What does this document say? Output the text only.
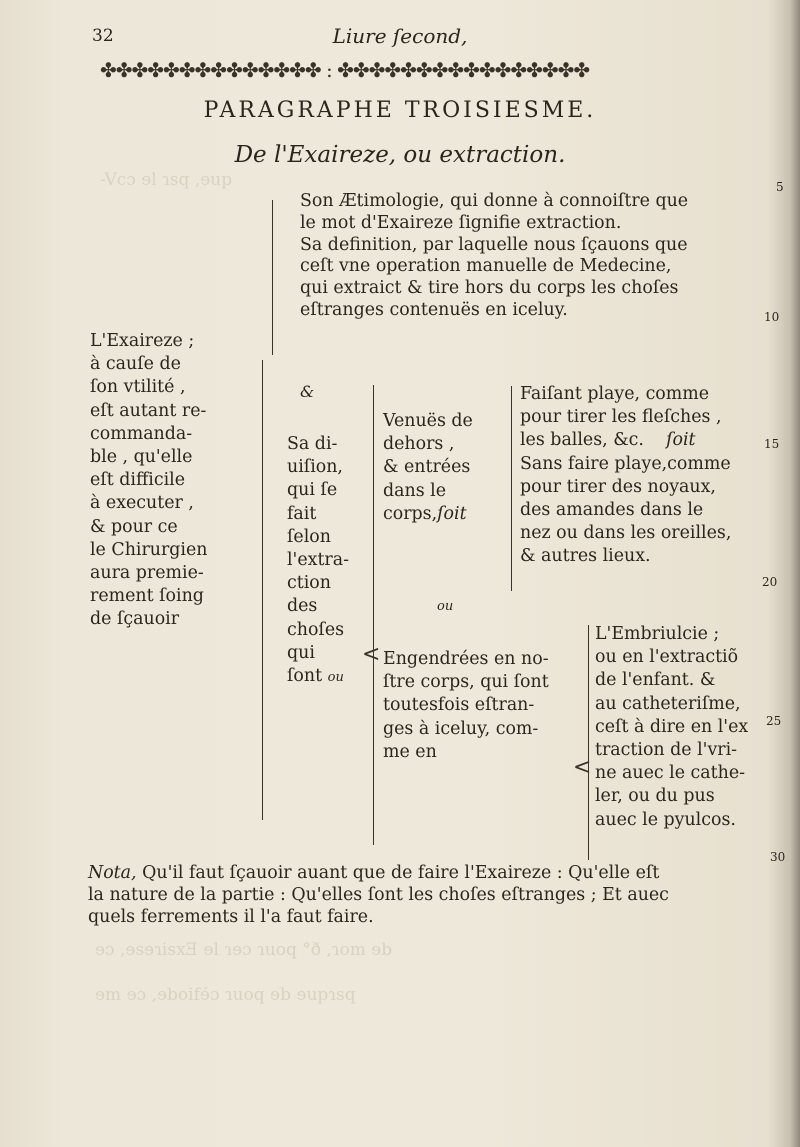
-Vcɔ ɘl ɿsq ,ɘup
ɘɔ ,ɘsɘɿisxƎ ɘl ɿɘɔ ɿuoq °ð ,ɿom ɘb
ɘm ɘɔ ,ɘboifɘ́ɔ ɿuoq ɘb ɘupɿsq
32	Liure ſecond,
✤✤✤✤✤✤✤✤✤✤✤✤✤✤ : ✤✤✤✤✤✤✤✤✤✤✤✤✤✤✤✤
PARAGRAPHE TROISIESME.
De l'Exaireze, ou extraction.
Son Ætimologie, qui donne à connoiſtre que
le mot d'Exaireze ſignifie extraction.
Sa definition, par laquelle nous ſçauons que
ceſt vne operation manuelle de Medecine,
qui extraict & tire hors du corps les choſes
eſtranges contenuës en iceluy.
L'Exaireze ;
à cauſe de
ſon vtilité ,
eſt autant re-
commanda-
ble , qu'elle
eſt difficile
à executer ,
& pour ce
le Chirurgien
aura premie-
rement ſoing
de ſçauoir
&
Sa di-
uiſion,
qui ſe
fait
ſelon
l'extra-
ction
des
choſes
qui
ſont ou
<
Venuës de
dehors ,
& entrées
dans le
corps,ſoit
ou
Faiſant playe, comme
pour tirer les fleſches ,
les balles, &c. ſoit
Sans faire playe,comme
pour tirer des noyaux,
des amandes dans le
nez ou dans les oreilles,
& autres lieux.
Engendrées en no-
ſtre corps, qui ſont
toutesfois eſtran-
ges à iceluy, com-
me en
<
L'Embriulcie ;
ou en l'extractiõ
de l'enfant. &
au catheteriſme,
ceſt à dire en l'ex
traction de l'vri-
ne auec le cathe-
ler, ou du pus
auec le pyulcos.
5
10
15
20
25
30
Nota, Qu'il faut ſçauoir auant que de faire l'Exaireze : Qu'elle eſt
la nature de la partie : Qu'elles ſont les choſes eſtranges ; Et auec
quels ferrements il l'a faut faire.
